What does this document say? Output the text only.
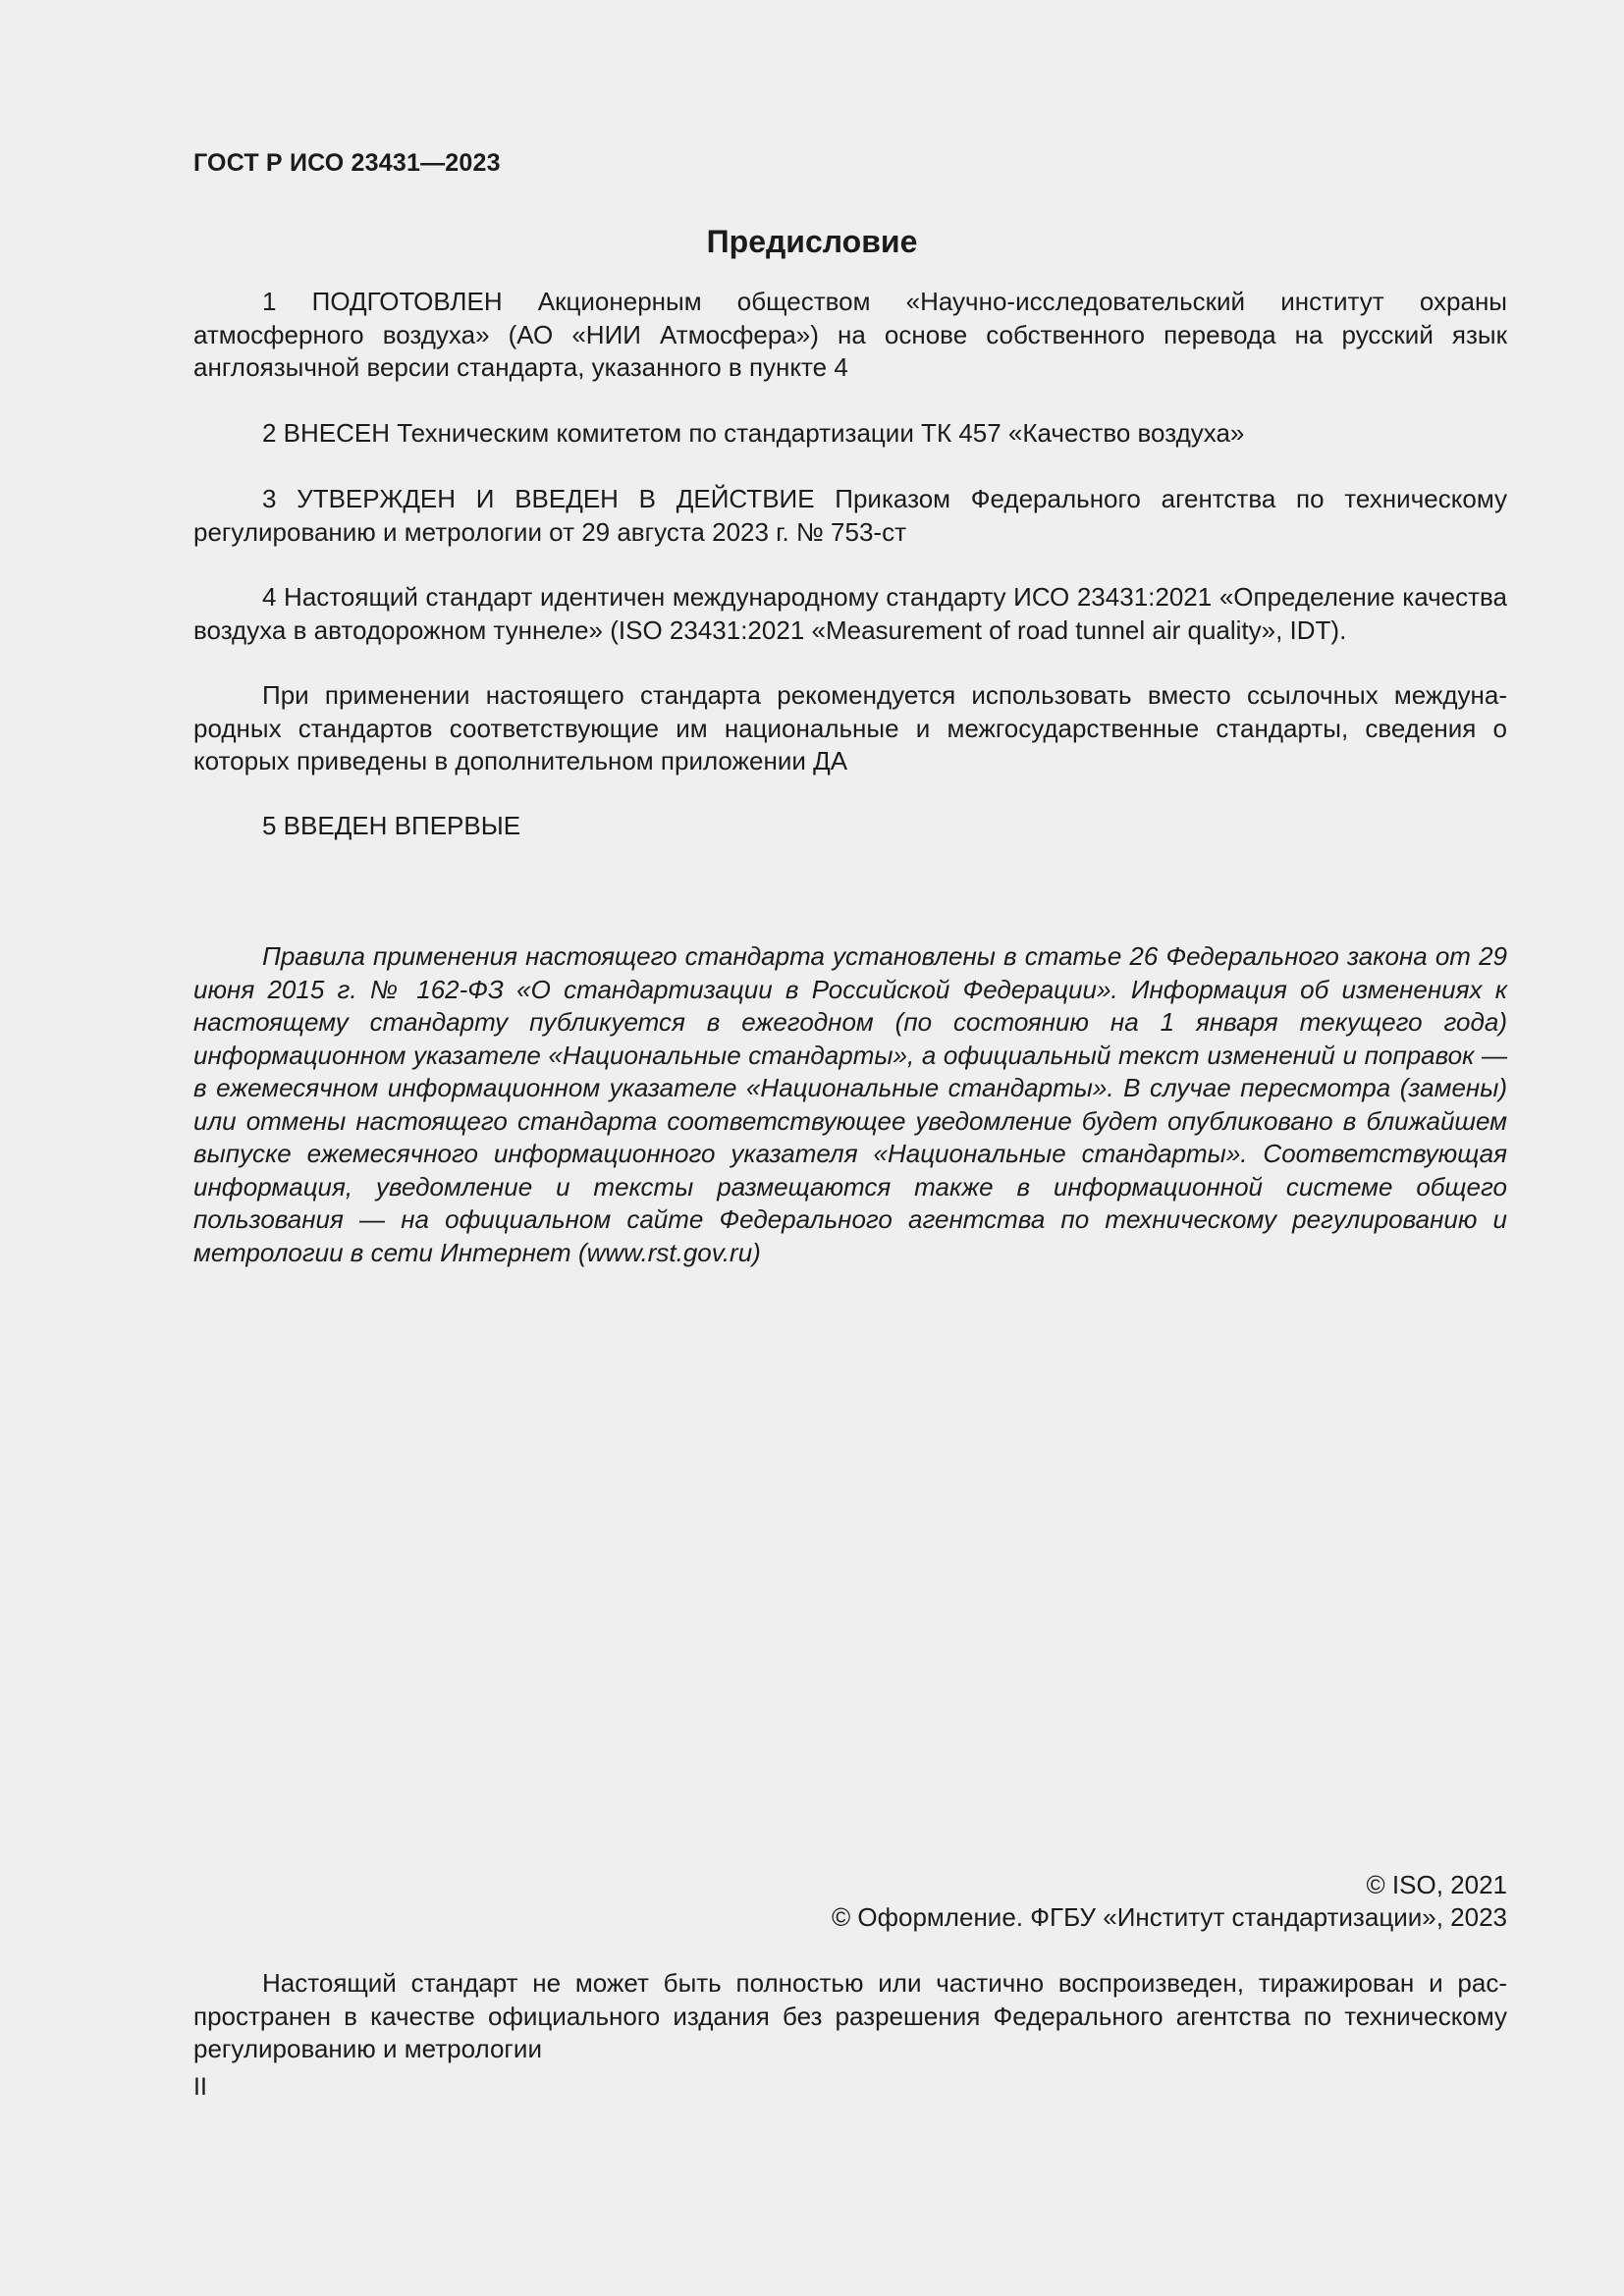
ГОСТ Р ИСО 23431—2023
Предисловие

1 ПОДГОТОВЛЕН Акционерным обществом «Научно-исследовательский институт охраны атмосферного воздуха» (АО «НИИ Атмосфера») на основе собственного перевода на русский язык англоязычной версии стандарта, указанного в пункте 4

2 ВНЕСЕН Техническим комитетом по стандартизации ТК 457 «Качество воздуха»

3 УТВЕРЖДЕН И ВВЕДЕН В ДЕЙСТВИЕ Приказом Федерального агентства по техническому регулированию и метрологии от 29 августа 2023 г. № 753-ст

4 Настоящий стандарт идентичен международному стандарту ИСО 23431:2021 «Определение качества воздуха в автодорожном туннеле» (ISO 23431:2021 «Measurement of road tunnel air quality», IDT).

При применении настоящего стандарта рекомендуется использовать вместо ссылочных международных стандартов соответствующие им национальные и межгосударственные стандарты, сведения о которых приведены в дополнительном приложении ДА

5 ВВЕДЕН ВПЕРВЫЕ

Правила применения настоящего стандарта установлены в статье 26 Федерального закона от 29 июня 2015 г. № 162-ФЗ «О стандартизации в Российской Федерации». Информация об изменениях к настоящему стандарту публикуется в ежегодном (по состоянию на 1 января текущего года) информационном указателе «Национальные стандарты», а официальный текст изменений и поправок — в ежемесячном информационном указателе «Национальные стандарты». В случае пересмотра (замены) или отмены настоящего стандарта соответствующее уведомление будет опубликовано в ближайшем выпуске ежемесячного информационного указателя «Национальные стандарты». Соответствующая информация, уведомление и тексты размещаются также в информационной системе общего пользования — на официальном сайте Федерального агентства по техническому регулированию и метрологии в сети Интернет (www.rst.gov.ru)

© ISO, 2021
© Оформление. ФГБУ «Институт стандартизации», 2023

Настоящий стандарт не может быть полностью или частично воспроизведен, тиражирован и распространен в качестве официального издания без разрешения Федерального агентства по техническому регулированию и метрологии

II
